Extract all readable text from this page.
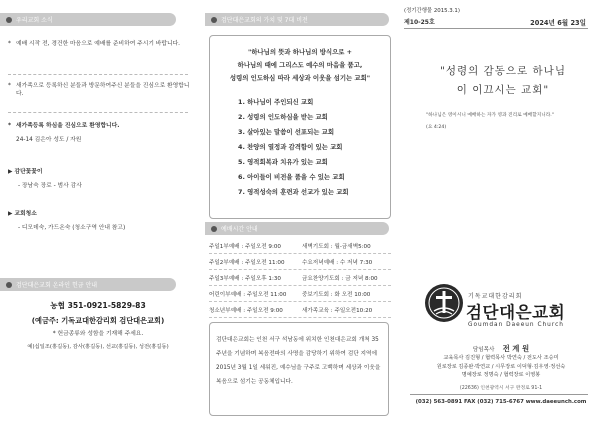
우리교회 소식
* 예배 시작 전, 경건한 마음으로 예배를 준비하여 주시기 바랍니다.
* 새가족으로 등록하신 분들과 방문하여주신 분들을 진심으로 환영합니다.
* 새가족등록 하심을 진심으로 환영합니다.
24-14 김은아 성도 / 자원
▶ 감단꽃꽃이
- 장남숙 장로 - 범사 감사
▶ 교회청소
- 디모데숙, 가드온숙 (청소구역 안내 참고)
검단대은교회 온라인 헌금 안내
농협 351-0921-5829-83
(예금주: 기독교대한감리회 검단대은교회)
* 헌금종류와 성함을 기재해 주세요.
예)십일조(홍길동), 감사(홍길동), 선교(홍길동), 성전(홍길동)
검단대은교회의 가치 및 7대 비전
"하나님의 뜻과 하나님의 방식으로 +
하나님의 때에 그리스도 예수의 마음을 품고,
성령의 인도하심 따라 세상과 이웃을 섬기는 교회"
1. 하나님이 주인되신 교회
2. 성령의 인도하심을 받는 교회
3. 살아있는 말씀이 선포되는 교회
4. 찬양의 열정과 감격함이 있는 교회
5. 영적회복과 치유가 있는 교회
6. 아이들이 비전을 품을 수 있는 교회
7. 영적성숙의 훈련과 선교가 있는 교회
예배시간 안내
주일1부예배 : 주일오전 9:00	새벽기도회 : 월-금새벽5:00
주일2부예배 : 주일오전 11:00	수요저녁예배 : 수 저녁 7:30
주일3부예배 : 주일오후 1:30	금요찬양기도회 : 금 저녁 8:00
어린이부예배 : 주일오전 11:00	중보기도회 : 화 오전 10:00
청소년부예배 : 주일오전 9:00	새가족교육 : 주일오전10:20
검단대은교회는 인천 서구 석남동에 위치한 인천대은교회 개척 35주년을 기념하며 복음전파의 사명을 감당하기 위하여 검단 지역에 2015년 3월 1일 세워진, 예수님을 구주로 고백하며 세상과 이웃을 복음으로 섬기는 공동체입니다.
(정기간행물 2015.3.1)
제10-25호	2024년 6월 23일
"성령의 감동으로 하나님이 이끄시는 교회"
"하나님은 영이시니 예배하는 자가 영과 진리로 예배할지니라."
(요 4:24)
기독교대한감리회
검단대은교회
Goumdan Daeeun Church
담임목사 전 계 원
교육목사 김진형 / 협력목사 박연숙 / 전도사 조승미
원로장로 김종완·박연교 / 시무장로 이덕형·김우영·정선숙
명예장로 정명숙 / 협력장로 이영봉
(22636) 인천광역시 서구 완정로 91-1
(032) 563-0891 FAX (032) 715-6767 www.daeeunch.com
